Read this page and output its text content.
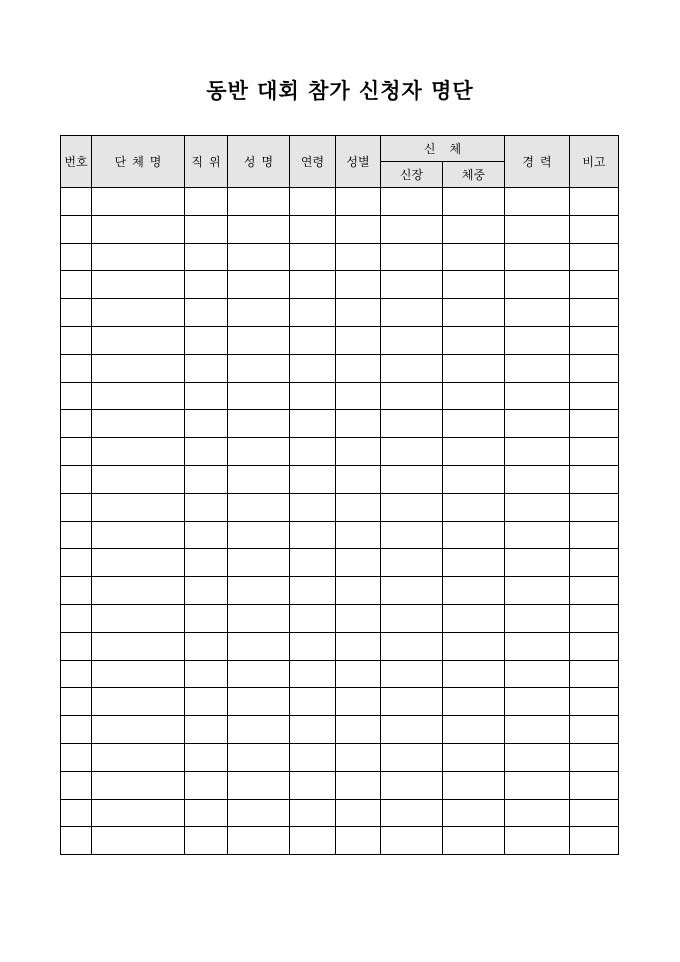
동반 대회 참가 신청자 명단
번호	단체명	직위	성명	연령	성별	신체		경력	비고
						신장	체중		
